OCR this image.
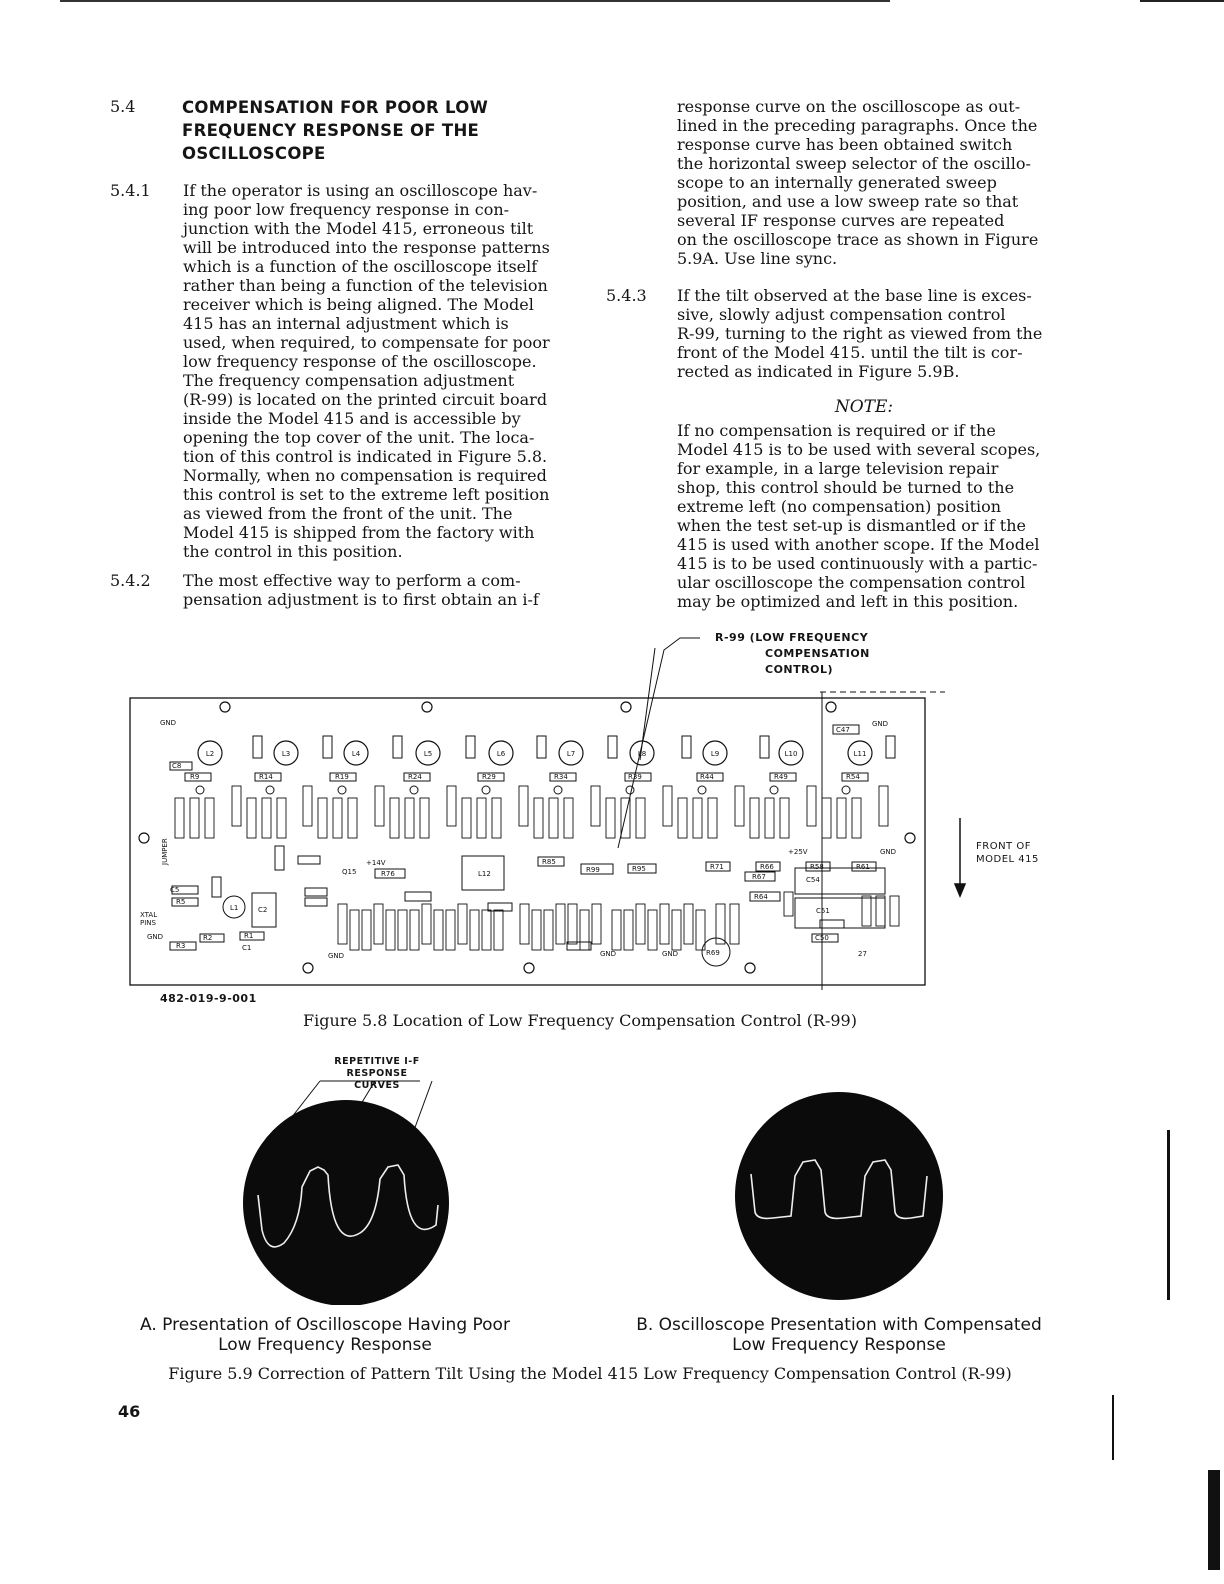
5.4	COMPENSATION FOR POOR LOW
FREQUENCY RESPONSE OF THE
OSCILLOSCOPE
5.4.1 If the operator is using an oscilloscope hav-
ing poor low frequency response in con-
junction with the Model 415, erroneous tilt
will be introduced into the response patterns
which is a function of the oscilloscope itself
rather than being a function of the television
receiver which is being aligned. The Model
415 has an internal adjustment which is
used, when required, to compensate for poor
low frequency response of the oscilloscope.
The frequency compensation adjustment
(R-99) is located on the printed circuit board
inside the Model 415 and is accessible by
opening the top cover of the unit. The loca-
tion of this control is indicated in Figure 5.8.
Normally, when no compensation is required
this control is set to the extreme left position
as viewed from the front of the unit. The
Model 415 is shipped from the factory with
the control in this position.
5.4.2 The most effective way to perform a com-
pensation adjustment is to first obtain an i-f
response curve on the oscilloscope as out-
lined in the preceding paragraphs. Once the
response curve has been obtained switch
the horizontal sweep selector of the oscillo-
scope to an internally generated sweep
position, and use a low sweep rate so that
several IF response curves are repeated
on the oscilloscope trace as shown in Figure
5.9A. Use line sync.
5.4.3 If the tilt observed at the base line is exces-
sive, slowly adjust compensation control
R-99, turning to the right as viewed from the
front of the Model 415. until the tilt is cor-
rected as indicated in Figure 5.9B.
NOTE:
If no compensation is required or if the
Model 415 is to be used with several scopes,
for example, in a large television repair
shop, this control should be turned to the
extreme left (no compensation) position
when the test set-up is dismantled or if the
415 is used with another scope. If the Model
415 is to be used continuously with a partic-
ular oscilloscope the compensation control
may be optimized and left in this position.
R-99 (LOW FREQUENCY
COMPENSATION
CONTROL)
L2	L3	L4	L5	L6	L7	L8	L9	L10	L11
GND
C8
R9	R14	R19	R24	R29	R34	R39	R44	R49	R54
C47
GND
C5
R5
XTAL
PINS
GND	R2
R3
R1
C1
L1	C2
+14V
Q15	R76	L12
R85
R99	R95	R71	R66
R67
R64
R58	R61
C54
C51
C50
+25V	GND
R69
GND	GND
GND	27
JUMPER	FRONT OF
MODEL 415
482-019-9-001
Figure 5.8 Location of Low Frequency Compensation Control (R-99)
REPETITIVE I-F
RESPONSE CURVES
A. Presentation of Oscilloscope Having Poor
Low Frequency Response
B. Oscilloscope Presentation with Compensated
Low Frequency Response
Figure 5.9 Correction of Pattern Tilt Using the Model 415 Low Frequency Compensation Control (R-99)
46
